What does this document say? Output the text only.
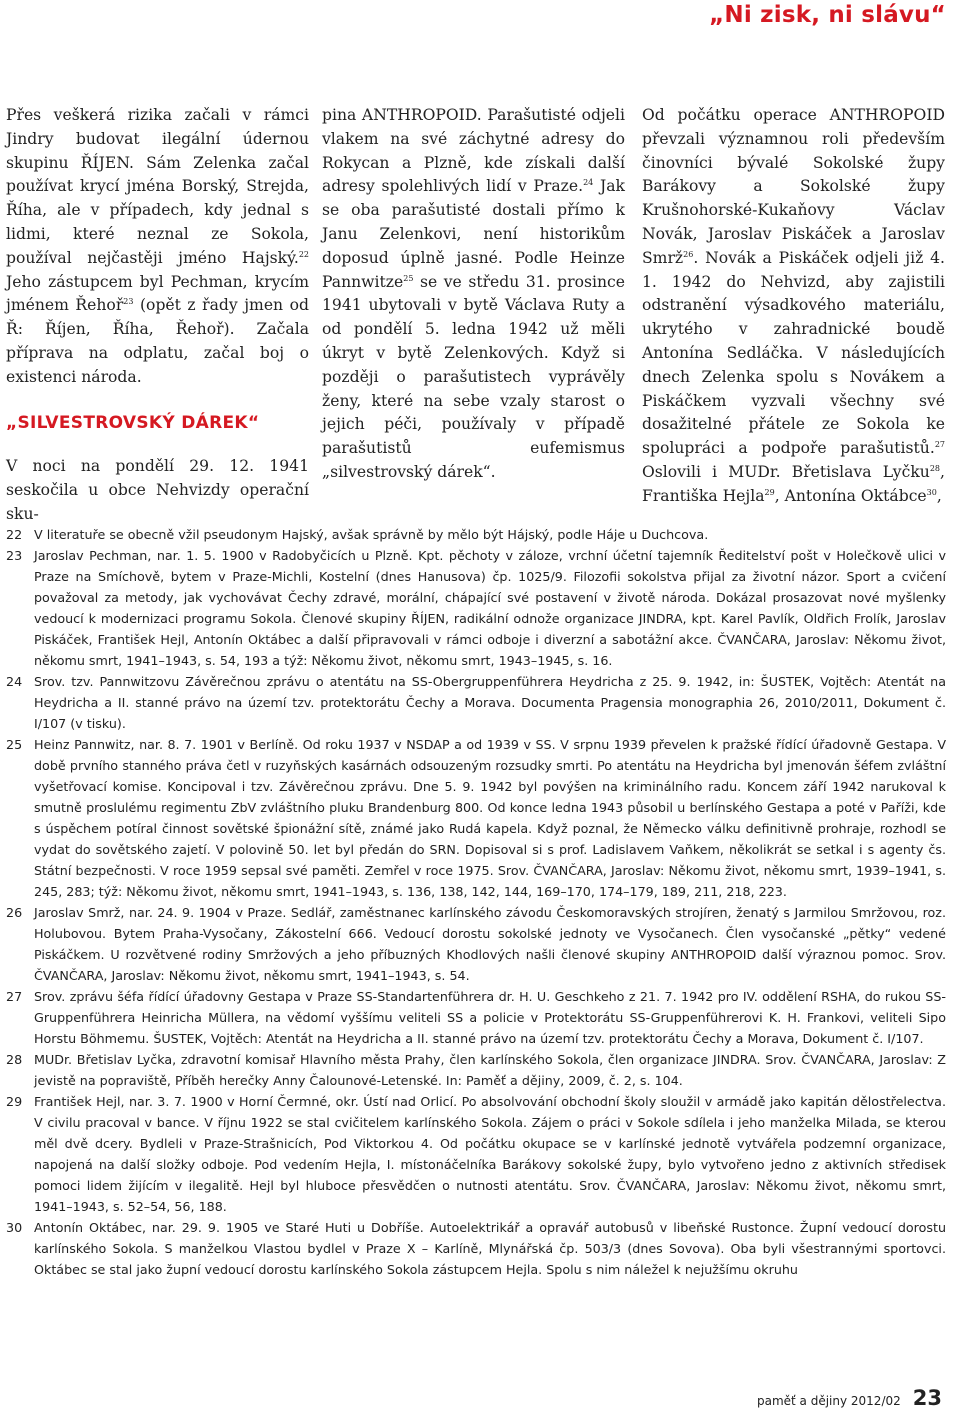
„Ni zisk, ni slávu“

Přes veškerá rizika začali v rámci Jindry budovat ilegální údernou skupinu ŘÍJEN. Sám Zelenka začal používat krycí jména Borský, Strejda, Říha, ale v případech, kdy jednal s lidmi, které neznal ze Sokola, používal nejčastěji jméno Hajský.$^{22}$ Jeho zástupcem byl Pechman, krycím jménem Řehoř$^{23}$ (opět z řady jmen od Ř: Říjen, Říha, Řehoř). Začala příprava na odplatu, začal boj o existenci národa.

„SILVESTROVSKÝ DÁREK“

V noci na pondělí 29. 12. 1941 seskočila u obce Nehvizdy operační sku-

pina ANTHROPOID. Parašutisté odjeli vlakem na své záchytné adresy do Rokycan a Plzně, kde získali další adresy spolehlivých lidí v Praze.$^{24}$ Jak se oba parašutisté dostali přímo k Janu Zelenkovi, není historikům doposud úplně jasné. Podle Heinze Pannwitze$^{25}$ se ve středu 31. prosince 1941 ubytovali v bytě Václava Ruty a od pondělí 5. ledna 1942 už měli úkryt v bytě Zelenkových. Když si později o parašutistech vyprávěly ženy, které na sebe vzaly starost o jejich péči, používaly v případě parašutistů eufemismus „silvestrovský dárek“.

Od počátku operace ANTHROPOID převzali významnou roli především činovníci bývalé Sokolské župy Barákovy a Sokolské župy Krušnohorské-Kukaňovy Václav Novák, Jaroslav Piskáček a Jaroslav Smrž$^{26}$. Novák a Piskáček odjeli již 4. 1. 1942 do Nehvizd, aby zajistili odstranění výsadkového materiálu, ukrytého v zahradnické boudě Antonína Sedláčka. V následujících dnech Zelenka spolu s Novákem a Piskáčkem vyzvali všechny své dosažitelné přátele ze Sokola ke spolupráci a podpoře parašutistů.$^{27}$ Oslovili i MUDr. Břetislava Lyčku$^{28}$, Františka Hejla$^{29}$, Antonína Oktábce$^{30}$,

22 V literatuře se obecně vžil pseudonym Hajský, avšak správně by mělo být Hájský, podle Háje u Duchcova.
23 Jaroslav Pechman, nar. 1. 5. 1900 v Radobyčicích u Plzně. Kpt. pěchoty v záloze, vrchní účetní tajemník Ředitelství pošt v Holečkově ulici v Praze na Smíchově, bytem v Praze-Michli, Kostelní (dnes Hanusova) čp. 1025/9. Filozofii sokolstva přijal za životní názor. Sport a cvičení považoval za metody, jak vychovávat Čechy zdravé, morální, chápající své postavení v životě národa. Dokázal prosazovat nové myšlenky vedoucí k modernizaci programu Sokola. Členové skupiny ŘÍJEN, radikální odnože organizace JINDRA, kpt. Karel Pavlík, Oldřich Frolík, Jaroslav Piskáček, František Hejl, Antonín Oktábec a další připravovali v rámci odboje i diverzní a sabotážní akce. ČVANČARA, Jaroslav: Někomu život, někomu smrt, 1941–1943, s. 54, 193 a týž: Někomu život, někomu smrt, 1943–1945, s. 16.
24 Srov. tzv. Pannwitzovu Závěrečnou zprávu o atentátu na SS-Obergruppenführera Heydricha z 25. 9. 1942, in: ŠUSTEK, Vojtěch: Atentát na Heydricha a II. stanné právo na území tzv. protektorátu Čechy a Morava. Documenta Pragensia monographia 26, 2010/2011, Dokument č. I/107 (v tisku).
25 Heinz Pannwitz, nar. 8. 7. 1901 v Berlíně. Od roku 1937 v NSDAP a od 1939 v SS. V srpnu 1939 převelen k pražské řídící úřadovně Gestapa. V době prvního stanného práva četl v ruzyňských kasárnách odsouzeným rozsudky smrti. Po atentátu na Heydricha byl jmenován šéfem zvláštní vyšetřovací komise. Koncipoval i tzv. Závěrečnou zprávu. Dne 5. 9. 1942 byl povýšen na kriminálního radu. Koncem září 1942 narukoval k smutně proslulému regimentu ZbV zvláštního pluku Brandenburg 800. Od konce ledna 1943 působil u berlínského Gestapa a poté v Paříži, kde s úspěchem potíral činnost sovětské špionážní sítě, známé jako Rudá kapela. Když poznal, že Německo válku definitivně prohraje, rozhodl se vydat do sovětského zajetí. V polovině 50. let byl předán do SRN. Dopisoval si s prof. Ladislavem Vaňkem, několikrát se setkal i s agenty čs. Státní bezpečnosti. V roce 1959 sepsal své paměti. Zemřel v roce 1975. Srov. ČVANČARA, Jaroslav: Někomu život, někomu smrt, 1939–1941, s. 245, 283; týž: Někomu život, někomu smrt, 1941–1943, s. 136, 138, 142, 144, 169–170, 174–179, 189, 211, 218, 223.
26 Jaroslav Smrž, nar. 24. 9. 1904 v Praze. Sedlář, zaměstnanec karlínského závodu Českomoravských strojíren, ženatý s Jarmilou Smržovou, roz. Holubovou. Bytem Praha-Vysočany, Zákostelní 666. Vedoucí dorostu sokolské jednoty ve Vysočanech. Člen vysočanské „pětky“ vedené Piskáčkem. U rozvětvené rodiny Smržových a jeho příbuzných Khodlových našli členové skupiny ANTHROPOID další výraznou pomoc. Srov. ČVANČARA, Jaroslav: Někomu život, někomu smrt, 1941–1943, s. 54.
27 Srov. zprávu šéfa řídící úřadovny Gestapa v Praze SS-Standartenführera dr. H. U. Geschkeho z 21. 7. 1942 pro IV. oddělení RSHA, do rukou SS-Gruppenführera Heinricha Müllera, na vědomí vyššímu veliteli SS a policie v Protektorátu SS-Gruppenführerovi K. H. Frankovi, veliteli Sipo Horstu Böhmemu. ŠUSTEK, Vojtěch: Atentát na Heydricha a II. stanné právo na území tzv. protektorátu Čechy a Morava, Dokument č. I/107.
28 MUDr. Břetislav Lyčka, zdravotní komisař Hlavního města Prahy, člen karlínského Sokola, člen organizace JINDRA. Srov. ČVANČARA, Jaroslav: Z jevistě na popraviště, Příběh herečky Anny Čalounové-Letenské. In: Paměť a dějiny, 2009, č. 2, s. 104.
29 František Hejl, nar. 3. 7. 1900 v Horní Čermné, okr. Ústí nad Orlicí. Po absolvování obchodní školy sloužil v armádě jako kapitán dělostřelectva. V civilu pracoval v bance. V říjnu 1922 se stal cvičitelem karlínského Sokola. Zájem o práci v Sokole sdílela i jeho manželka Milada, se kterou měl dvě dcery. Bydleli v Praze-Strašnicích, Pod Viktorkou 4. Od počátku okupace se v karlínské jednotě vytvářela podzemní organizace, napojená na další složky odboje. Pod vedením Hejla, I. místonáčelníka Barákovy sokolské župy, bylo vytvořeno jedno z aktivních středisek pomoci lidem žijícím v ilegalitě. Hejl byl hluboce přesvědčen o nutnosti atentátu. Srov. ČVANČARA, Jaroslav: Někomu život, někomu smrt, 1941–1943, s. 52–54, 56, 188.
30 Antonín Oktábec, nar. 29. 9. 1905 ve Staré Huti u Dobříše. Autoelektrikář a opravář autobusů v libeňské Rustonce. Župní vedoucí dorostu karlínského Sokola. S manželkou Vlastou bydlel v Praze X – Karlíně, Mlynářská čp. 503/3 (dnes Sovova). Oba byli všestrannými sportovci. Oktábec se stal jako župní vedoucí dorostu karlínského Sokola zástupcem Hejla. Spolu s nim náležel k nejužšímu okruhu
paměť a dějiny 2012/02 23
